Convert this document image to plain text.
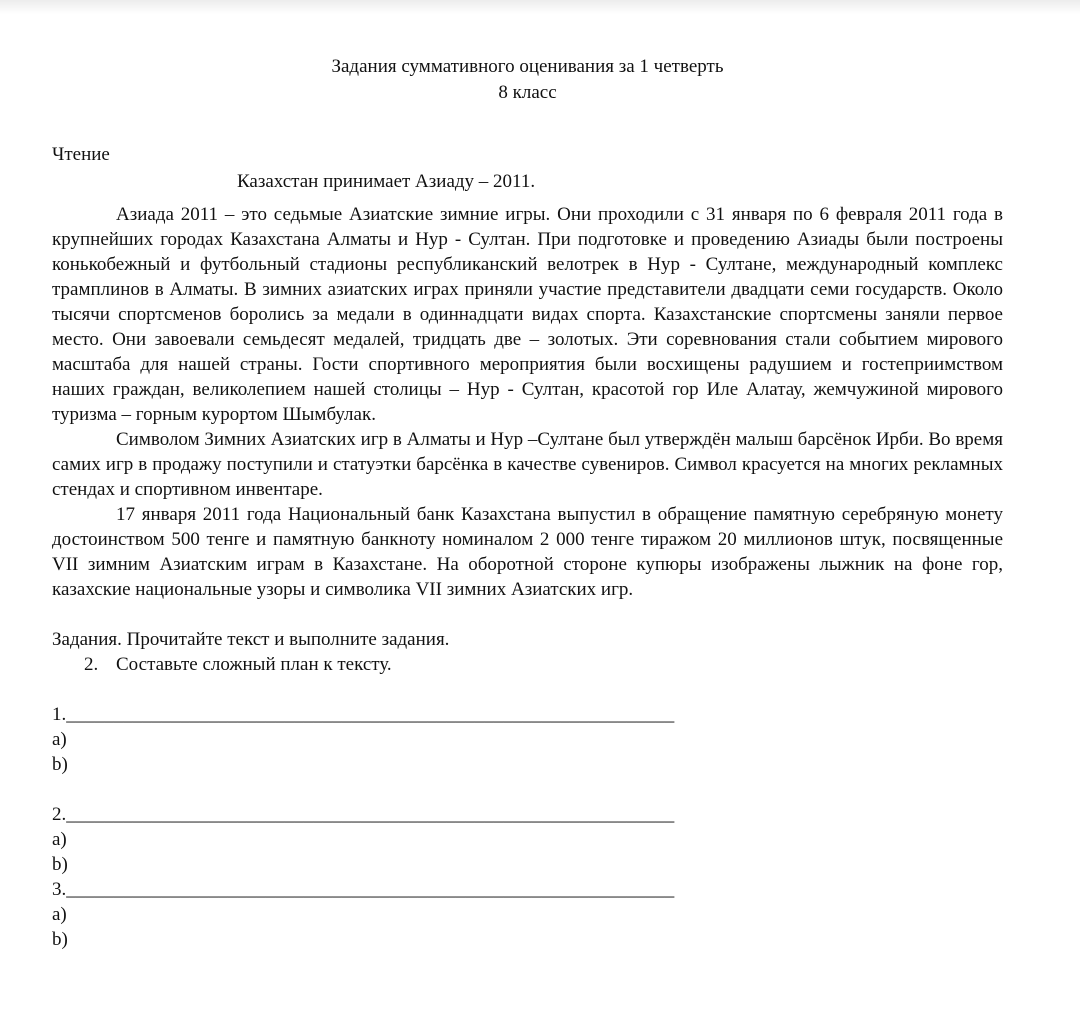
Задания суммативного оценивания за 1 четверть
8 класс
Чтение
Казахстан принимает Азиаду – 2011.

Азиада 2011 – это седьмые Азиатские зимние игры. Они проходили с 31 января по 6 февраля 2011 года в крупнейших городах Казахстана Алматы и Нур - Султан. При подготовке и проведению Азиады были построены конькобежный и футбольный стадионы республиканский велотрек в Нур - Султане, международный комплекс трамплинов в Алматы. В зимних азиатских играх приняли участие представители двадцати семи государств. Около тысячи спортсменов боролись за медали в одиннадцати видах спорта. Казахстанские спортсмены заняли первое место. Они завоевали семьдесят медалей, тридцать две – золотых. Эти соревнования стали событием мирового масштаба для нашей страны. Гости спортивного мероприятия были восхищены радушием и гостеприимством наших граждан, великолепием нашей столицы – Нур - Султан, красотой гор Иле Алатау, жемчужиной мирового туризма – горным курортом Шымбулак.

Символом Зимних Азиатских игр в Алматы и Нур –Султане был утверждён малыш барсёнок Ирби. Во время самих игр в продажу поступили и статуэтки барсёнка в качестве сувениров. Символ красуется на многих рекламных стендах и спортивном инвентаре.

17 января 2011 года Национальный банк Казахстана выпустил в обращение памятную серебряную монету достоинством 500 тенге и памятную банкноту номиналом 2 000 тенге тиражом 20 миллионов штук, посвященные VII зимним Азиатским играм в Казахстане. На оборотной стороне купюры изображены лыжник на фоне гор, казахские национальные узоры и символика VII зимних Азиатских игр.

Задания. Прочитайте текст и выполните задания.
2. Составьте сложный план к тексту.
1.________________________________________________________________
a)
b)
2.________________________________________________________________
a)
b)
3.________________________________________________________________
a)
b)
